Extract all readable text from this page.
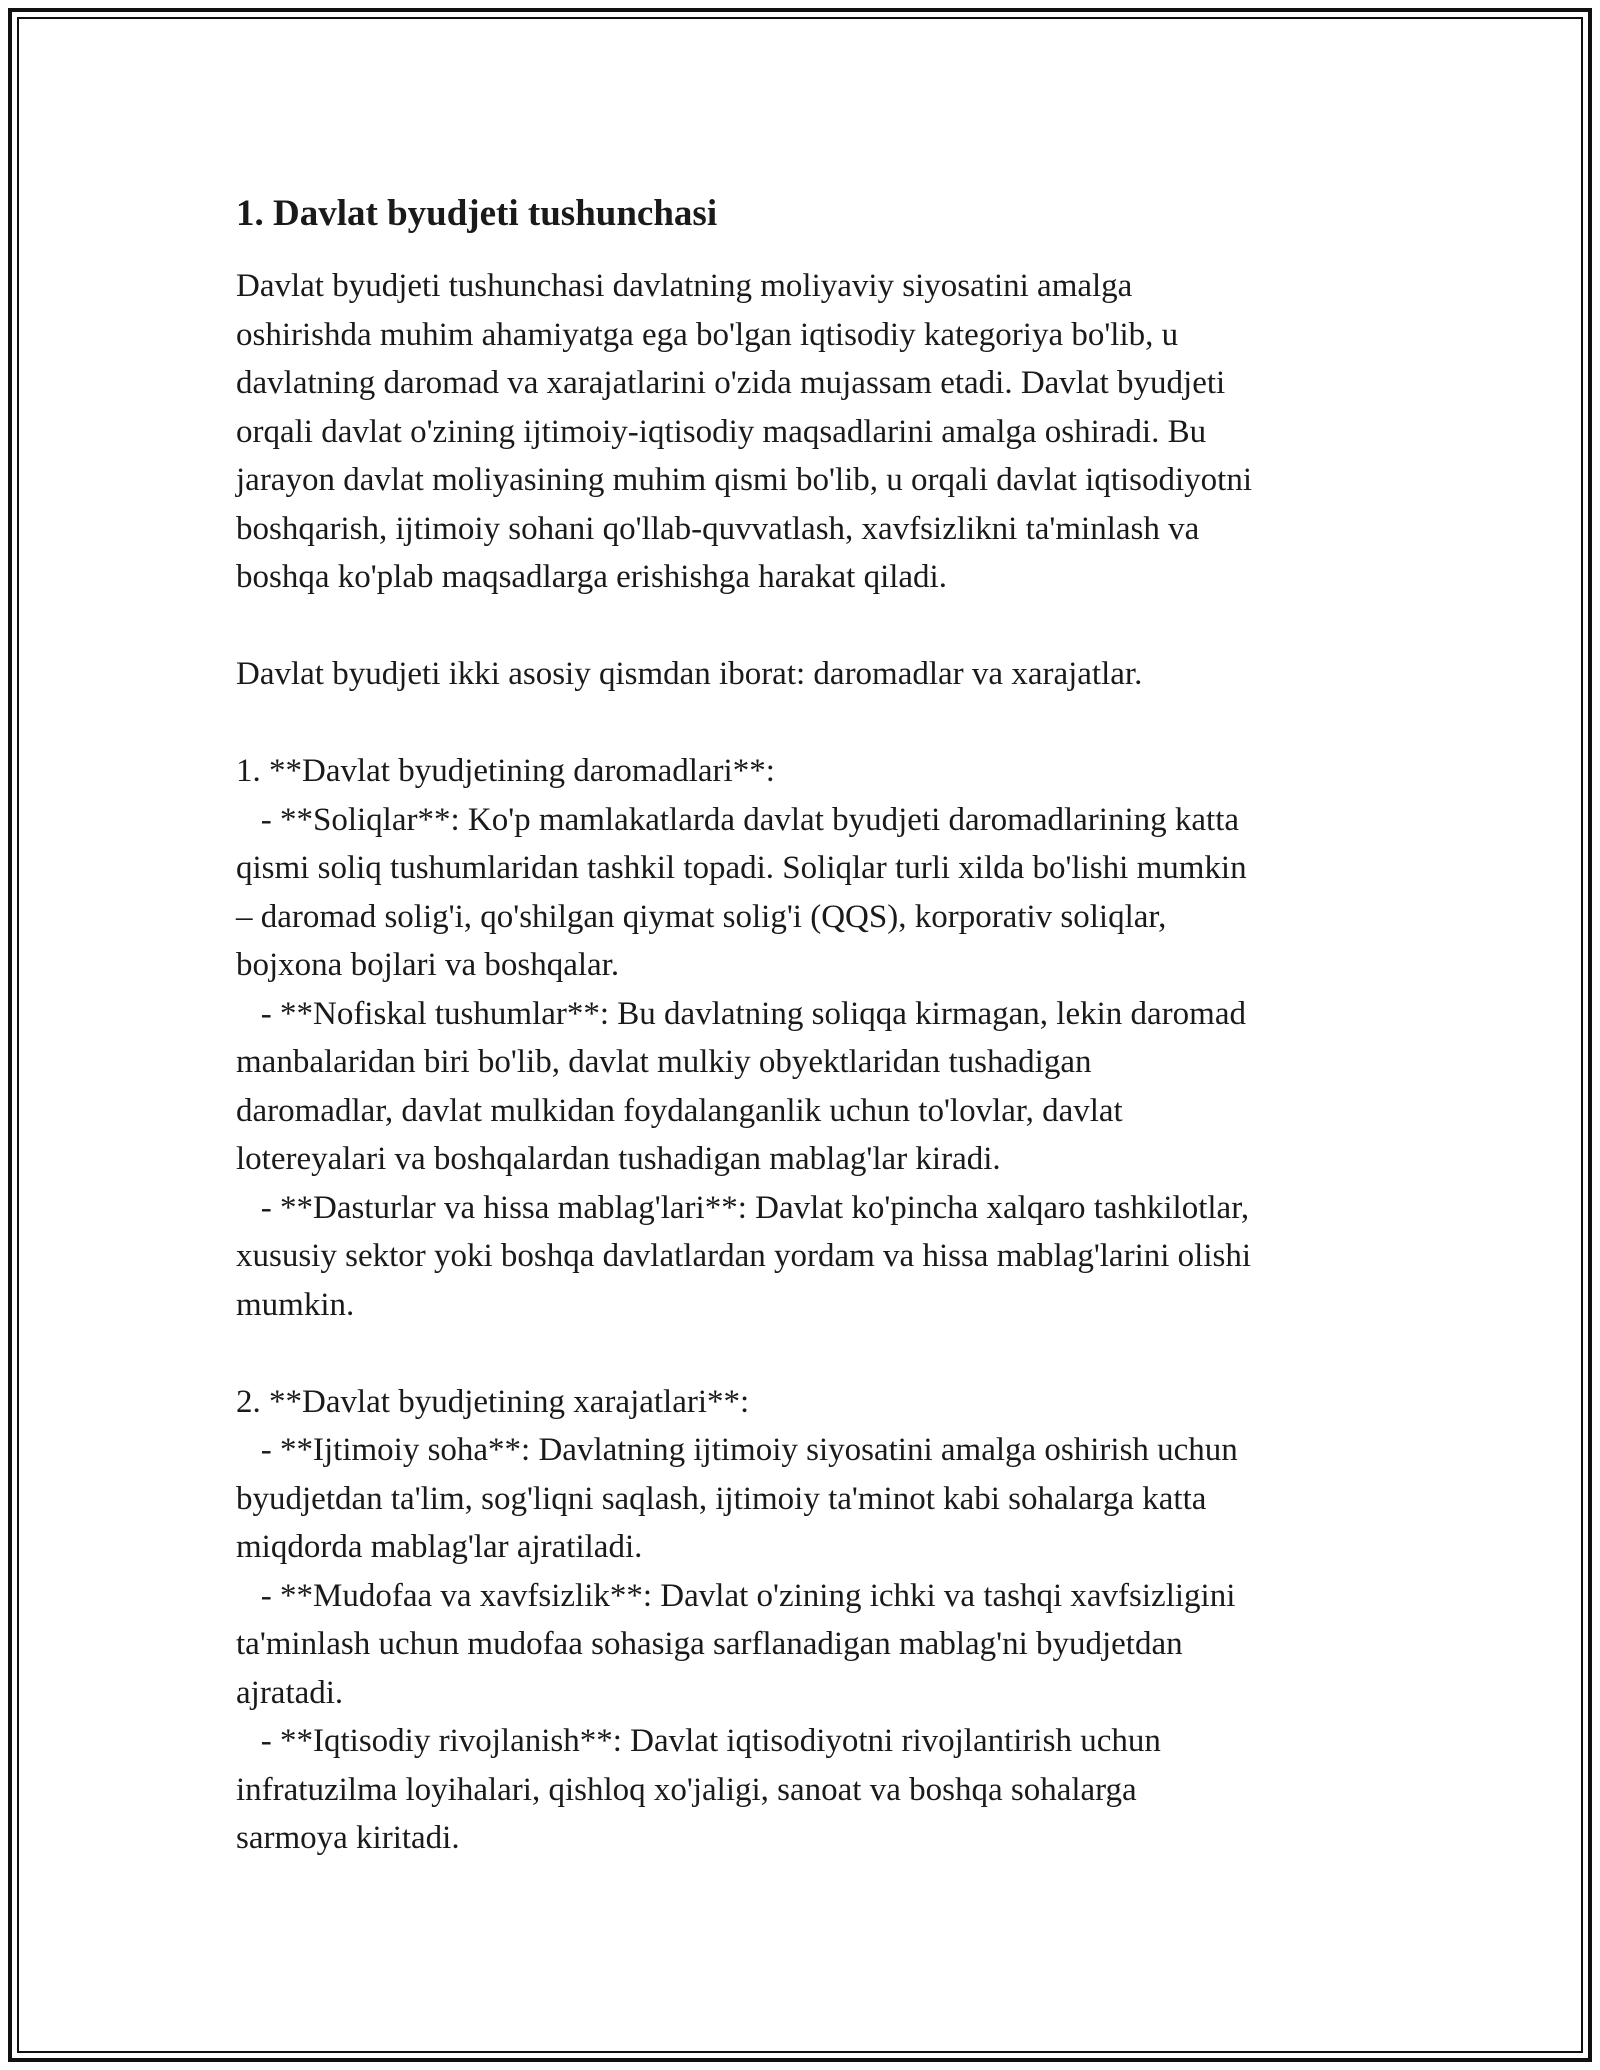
1. Davlat byudjeti tushunchasi
Davlat byudjeti tushunchasi davlatning moliyaviy siyosatini amalga
oshirishda muhim ahamiyatga ega bo'lgan iqtisodiy kategoriya bo'lib, u
davlatning daromad va xarajatlarini o'zida mujassam etadi. Davlat byudjeti
orqali davlat o'zining ijtimoiy-iqtisodiy maqsadlarini amalga oshiradi. Bu
jarayon davlat moliyasining muhim qismi bo'lib, u orqali davlat iqtisodiyotni
boshqarish, ijtimoiy sohani qo'llab-quvvatlash, xavfsizlikni ta'minlash va
boshqa ko'plab maqsadlarga erishishga harakat qiladi.
Davlat byudjeti ikki asosiy qismdan iborat: daromadlar va xarajatlar.
1. **Davlat byudjetining daromadlari**:
- **Soliqlar**: Ko'p mamlakatlarda davlat byudjeti daromadlarining katta
qismi soliq tushumlaridan tashkil topadi. Soliqlar turli xilda bo'lishi mumkin
– daromad solig'i, qo'shilgan qiymat solig'i (QQS), korporativ soliqlar,
bojxona bojlari va boshqalar.
- **Nofiskal tushumlar**: Bu davlatning soliqqa kirmagan, lekin daromad
manbalaridan biri bo'lib, davlat mulkiy obyektlaridan tushadigan
daromadlar, davlat mulkidan foydalanganlik uchun to'lovlar, davlat
lotereyalari va boshqalardan tushadigan mablag'lar kiradi.
- **Dasturlar va hissa mablag'lari**: Davlat ko'pincha xalqaro tashkilotlar,
xususiy sektor yoki boshqa davlatlardan yordam va hissa mablag'larini olishi
mumkin.
2. **Davlat byudjetining xarajatlari**:
- **Ijtimoiy soha**: Davlatning ijtimoiy siyosatini amalga oshirish uchun
byudjetdan ta'lim, sog'liqni saqlash, ijtimoiy ta'minot kabi sohalarga katta
miqdorda mablag'lar ajratiladi.
- **Mudofaa va xavfsizlik**: Davlat o'zining ichki va tashqi xavfsizligini
ta'minlash uchun mudofaa sohasiga sarflanadigan mablag'ni byudjetdan
ajratadi.
- **Iqtisodiy rivojlanish**: Davlat iqtisodiyotni rivojlantirish uchun
infratuzilma loyihalari, qishloq xo'jaligi, sanoat va boshqa sohalarga
sarmoya kiritadi.
